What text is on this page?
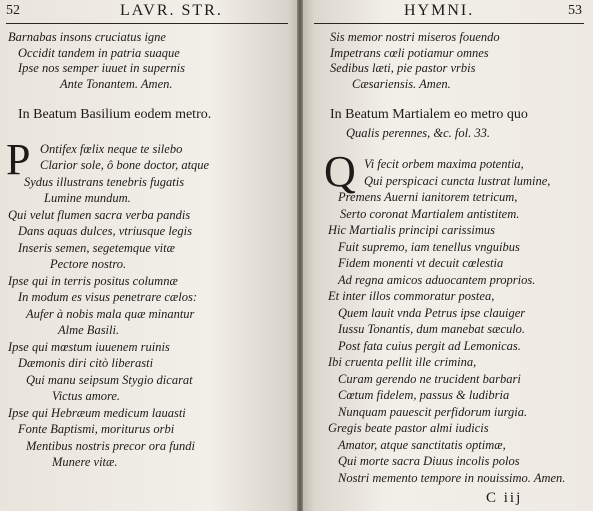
52	LAVR. STR.
Barnabas insons cruciatus igne
Occidit tandem in patria suaque
Ipse nos semper iuuet in supernis
Ante Tonantem. Amen.
In Beatum Basilium eodem metro.
P Ontifex fœlix neque te silebo
Clarior sole, ô bone doctor, atque
Sydus illustrans tenebris fugatis
Lumine mundum.
Qui velut flumen sacra verba pandis
Dans aquas dulces, vtriusque legis
Inseris semen, segetemque vitæ
Pectore nostro.
Ipse qui in terris positus columnæ
In modum es visus penetrare cælos:
Aufer à nobis mala quæ minantur
Alme Basili.
Ipse qui mœstum iuuenem ruinis
Dæmonis diri citò liberasti
Qui manu seipsum Stygio dicarat
Victus amore.
Ipse qui Hebræum medicum lauasti
Fonte Baptismi, moriturus orbi
Mentibus nostris precor ora fundi
Munere vitæ.
HYMNI.	53
Sis memor nostri miseros fouendo
Impetrans cœli potiamur omnes
Sedibus læti, pie pastor vrbis
Cæsariensis. Amen.
In Beatum Martialem eo metro quo
Qualis perennes, &c. fol. 33.
Q Vi fecit orbem maxima potentia,
Qui perspicaci cuncta lustrat lumine,
Premens Auerni ianitorem tetricum,
Serto coronat Martialem antistitem.
Hic Martialis principi carissimus
Fuit supremo, iam tenellus vnguibus
Fidem monenti vt decuit cœlestia
Ad regna amicos aduocantem proprios.
Et inter illos commoratur postea,
Quem lauit vnda Petrus ipse clauiger
Iussu Tonantis, dum manebat sæculo.
Post fata cuius pergit ad Lemonicas.
Ibi cruenta pellit ille crimina,
Curam gerendo ne trucident barbari
Cœtum fidelem, passus & ludibria
Nunquam pauescit perfidorum iurgia.
Gregis beate pastor almi iudicis
Amator, atque sanctitatis optimæ,
Qui morte sacra Diuus incolis polos
Nostri memento tempore in nouissimo. Amen.
C iij
